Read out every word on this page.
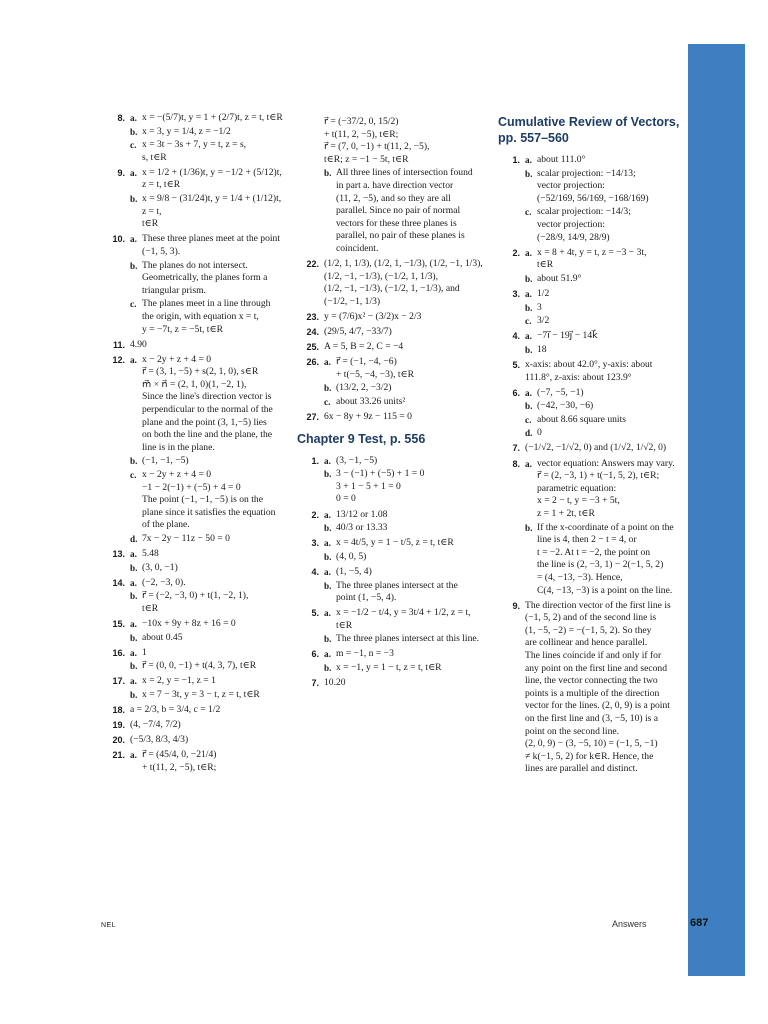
8. a. x = −(5/7)t, y = 1 + (2/7)t, z = t, t∈R
b. x = 3, y = 1/4, z = −1/2
c. x = 3t − 3s + 7, y = t, z = s,
s, t∈R
9. a. x = 1/2 + (1/36)t, y = −1/2 + (5/12)t,
z = t, t∈R
b. x = 9/8 − (31/24)t, y = 1/4 + (1/12)t, z = t,
t∈R
10. a. These three planes meet at the point
(−1, 5, 3).
b. The planes do not intersect.
Geometrically, the planes form a
triangular prism.
c. The planes meet in a line through
the origin, with equation x = t,
y = −7t, z = −5t, t∈R
11. 4.90
12. a. x − 2y + z + 4 = 0
r⃗ = (3, 1, −5) + s(2, 1, 0), s∈R
m⃗ × n⃗ = (2, 1, 0)(1, −2, 1),
Since the line's direction vector is
perpendicular to the normal of the
plane and the point (3, 1,−5) lies
on both the line and the plane, the
line is in the plane.
b. (−1, −1, −5)
c. x − 2y + z + 4 = 0
−1 − 2(−1) + (−5) + 4 = 0
The point (−1, −1, −5) is on the
plane since it satisfies the equation
of the plane.
d. 7x − 2y − 11z − 50 = 0
13. a. 5.48
b. (3, 0, −1)
14. a. (−2, −3, 0).
b. r⃗ = (−2, −3, 0) + t(1, −2, 1),
t∈R
15. a. −10x + 9y + 8z + 16 = 0
b. about 0.45
16. a. 1
b. r⃗ = (0, 0, −1) + t(4, 3, 7), t∈R
17. a. x = 2, y = −1, z = 1
b. x = 7 − 3t, y = 3 − t, z = t, t∈R
18. a = 2/3, b = 3/4, c = 1/2
19. (4, −7/4, 7/2)
20. (−5/3, 8/3, 4/3)
21. a. r⃗ = (45/4, 0, −21/4)
+ t(11, 2, −5), t∈R;
r⃗ = (−37/2, 0, 15/2)
+ t(11, 2, −5), t∈R;
r⃗ = (7, 0, −1) + t(11, 2, −5),
t∈R; z = −1 − 5t, t∈R
b. All three lines of intersection found
in part a. have direction vector
(11, 2, −5), and so they are all
parallel. Since no pair of normal
vectors for these three planes is
parallel, no pair of these planes is
coincident.
22. (1/2, 1, 1/3), (1/2, 1, −1/3), (1/2, −1, 1/3),
(1/2, −1, −1/3), (−1/2, 1, 1/3),
(1/2, −1, −1/3), (−1/2, 1, −1/3), and
(−1/2, −1, 1/3)
23. y = (7/6)x² − (3/2)x − 2/3
24. (29/5, 4/7, −33/7)
25. A = 5, B = 2, C = −4
26. a. r⃗ = (−1, −4, −6)
+ t(−5, −4, −3), t∈R
b. (13/2, 2, −3/2)
c. about 33.26 units²
27. 6x − 8y + 9z − 115 = 0
Chapter 9 Test, p. 556
1. a. (3, −1, −5)
b. 3 − (−1) + (−5) + 1 = 0
3 + 1 − 5 + 1 = 0
0 = 0
2. a. 13/12 or 1.08
b. 40/3 or 13.33
3. a. x = 4t/5, y = 1 − t/5, z = t, t∈R
b. (4, 0, 5)
4. a. (1, −5, 4)
b. The three planes intersect at the
point (1, −5, 4).
5. a. x = −1/2 − t/4, y = 3t/4 + 1/2, z = t,
t∈R
b. The three planes intersect at this line.
6. a. m = −1, n = −3
b. x = −1, y = 1 − t, z = t, t∈R
7. 10.20
Cumulative Review of Vectors, pp. 557–560
1. a. about 111.0°
b. scalar projection: −14/13;
vector projection:
(−52/169, 56/169, −168/169)
c. scalar projection: −14/3;
vector projection:
(−28/9, 14/9, 28/9)
2. a. x = 8 + 4t, y = t, z = −3 − 3t,
t∈R
b. about 51.9°
3. a. 1/2
b. 3
c. 3/2
4. a. −7i⃗ − 19j⃗ − 14k⃗
b. 18
5. x-axis: about 42.0°, y-axis: about
111.8°, z-axis: about 123.9°
6. a. (−7, −5, −1)
b. (−42, −30, −6)
c. about 8.66 square units
d. 0
7. (−1/√2, −1/√2, 0) and (1/√2, 1/√2, 0)
8. a. vector equation: Answers may vary.
r⃗ = (2, −3, 1) + t(−1, 5, 2), t∈R;
parametric equation:
x = 2 − t, y = −3 + 5t,
z = 1 + 2t, t∈R
b. If the x-coordinate of a point on the
line is 4, then 2 − t = 4, or
t = −2. At t = −2, the point on
the line is (2, −3, 1) − 2(−1, 5, 2)
= (4, −13, −3). Hence,
C(4, −13, −3) is a point on the line.
9. The direction vector of the first line is
(−1, 5, 2) and of the second line is
(1, −5, −2) = −(−1, 5, 2). So they
are collinear and hence parallel.
The lines coincide if and only if for
any point on the first line and second
line, the vector connecting the two
points is a multiple of the direction
vector for the lines. (2, 0, 9) is a point
on the first line and (3, −5, 10) is a
point on the second line.
(2, 0, 9) − (3, −5, 10) = (−1, 5, −1)
≠ k(−1, 5, 2) for k∈R. Hence, the
lines are parallel and distinct.
NEL	Answers	687
